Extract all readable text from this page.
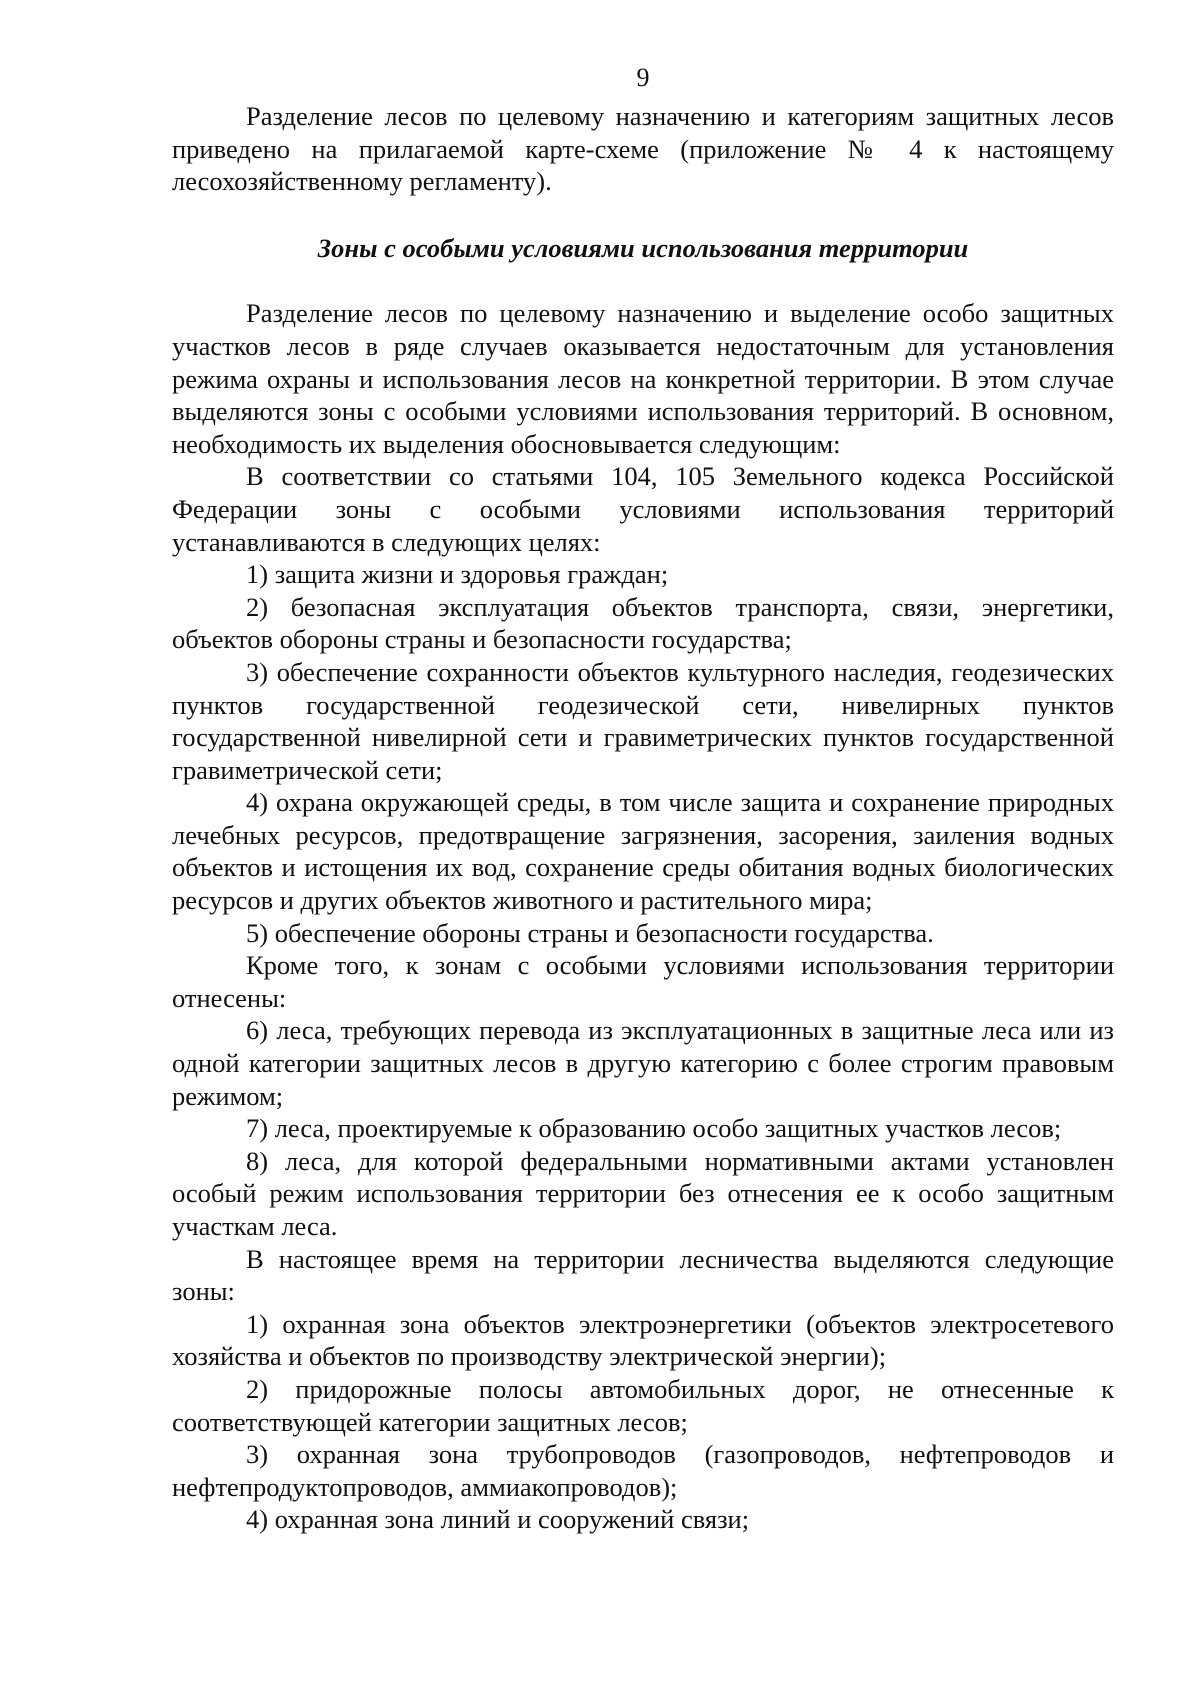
9

Разделение лесов по целевому назначению и категориям защитных лесов приведено на прилагаемой карте-схеме (приложение № 4 к настоящему лесохозяйственному регламенту).

Зоны с особыми условиями использования территории

Разделение лесов по целевому назначению и выделение особо защитных участков лесов в ряде случаев оказывается недостаточным для установления режима охраны и использования лесов на конкретной территории. В этом случае выделяются зоны с особыми условиями использования территорий. В основном, необходимость их выделения обосновывается следующим:

В соответствии со статьями 104, 105 Земельного кодекса Российской Федерации зоны с особыми условиями использования территорий устанавливаются в следующих целях:

1) защита жизни и здоровья граждан;

2) безопасная эксплуатация объектов транспорта, связи, энергетики, объектов обороны страны и безопасности государства;

3) обеспечение сохранности объектов культурного наследия, геодезических пунктов государственной геодезической сети, нивелирных пунктов государственной нивелирной сети и гравиметрических пунктов государственной гравиметрической сети;

4) охрана окружающей среды, в том числе защита и сохранение природных лечебных ресурсов, предотвращение загрязнения, засорения, заиления водных объектов и истощения их вод, сохранение среды обитания водных биологических ресурсов и других объектов животного и растительного мира;

5) обеспечение обороны страны и безопасности государства.

Кроме того, к зонам с особыми условиями использования территории отнесены:

6) леса, требующих перевода из эксплуатационных в защитные леса или из одной категории защитных лесов в другую категорию с более строгим правовым режимом;

7) леса, проектируемые к образованию особо защитных участков лесов;

8) леса, для которой федеральными нормативными актами установлен особый режим использования территории без отнесения ее к особо защитным участкам леса.

В настоящее время на территории лесничества выделяются следующие зоны:

1) охранная зона объектов электроэнергетики (объектов электросетевого хозяйства и объектов по производству электрической энергии);

2) придорожные полосы автомобильных дорог, не отнесенные к соответствующей категории защитных лесов;

3) охранная зона трубопроводов (газопроводов, нефтепроводов и нефтепродуктопроводов, аммиакопроводов);

4) охранная зона линий и сооружений связи;
